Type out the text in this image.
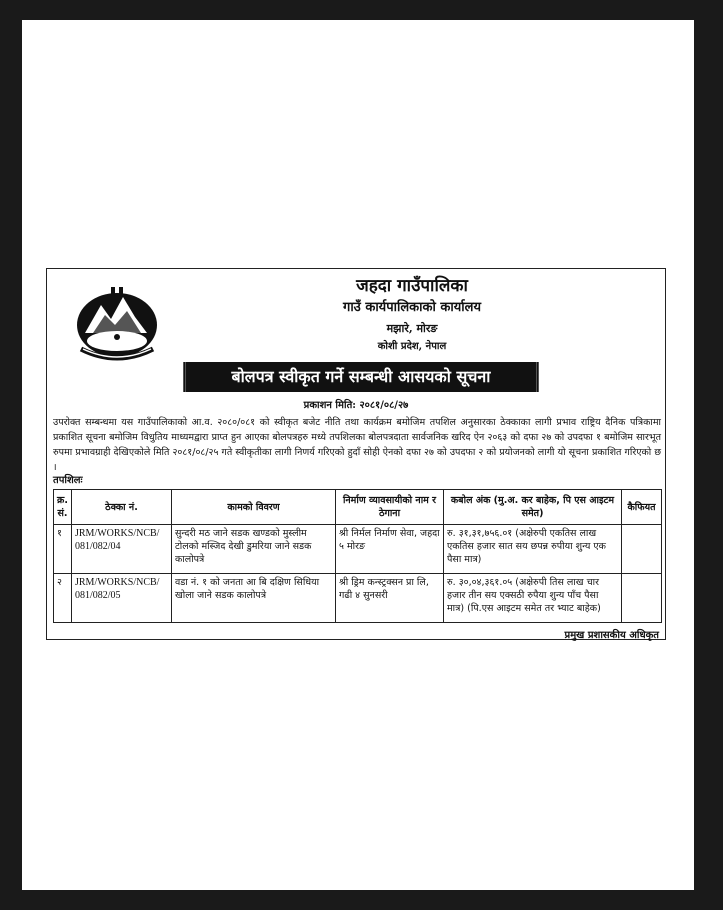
जहदा गाउँपालिका
गाउँ कार्यपालिकाको कार्यालय
मझारे, मोरङ
कोशी प्रदेश, नेपाल
बोलपत्र स्वीकृत गर्ने सम्बन्धी आसयको सूचना
प्रकाशन मिति: २०८१/०८/२७
उपरोक्त सम्बन्धमा यस गाउँपालिकाको आ.व. २०८०/०८१ को स्वीकृत बजेट नीति तथा कार्यक्रम बमोजिम तपशिल अनुसारका ठेक्काका लागी प्रभाव राष्ट्रिय दैनिक पत्रिकामा प्रकाशित सूचना बमोजिम विधुतिय माध्यमद्वारा प्राप्त हुन आएका बोलपत्रहरु मध्ये तपशिलका बोलपत्रदाता सार्वजनिक खरिद ऐन २०६३ को दफा २७ को उपदफा १ बमोजिम सारभूत रुपमा प्रभावग्राही देखिएकोले मिति २०८१/०८/२५ गते स्वीकृतीका लागी निणर्य गरिएको हुदाँ सोही ऐनको दफा २७ को उपदफा २ को प्रयोजनको लागी यो सूचना प्रकाशित गरिएको छ ।
तपशिलः
क्र. सं.	ठेक्का नं.	कामको विवरण	निर्माण व्यावसायीको नाम र ठेगाना	कबोल अंक (मु.अ. कर बाहेक, पि एस आइटम समेत)	कैफियत
१	JRM/WORKS/NCB/ 081/082/04	सुन्दरी मठ जाने सडक खण्डको मुस्लीम टोलको मस्जिद देखी डुमरिया जाने सडक कालोपत्रे	श्री निर्मल निर्माण सेवा, जहदा ५ मोरङ	रु. ३१,३१,७५६.०१ (अक्षेरुपी एकतिस लाख एकतिस हजार सात सय छपन्न रुपीया शुन्य एक पैसा मात्र)	
२	JRM/WORKS/NCB/ 081/082/05	वडा नं. १ को जनता आ बि दक्षिण सिधिया खोला जाने सडक कालोपत्रे	श्री ड्रिम कन्स्ट्रक्सन प्रा लि, गढी ४ सुनसरी	रु. ३०,०४,३६१.०५ (अक्षेरुपी तिस लाख चार हजार तीन सय एक्सठी रुपैया शुन्य पाँच पैसा मात्र) (पि.एस आइटम समेत तर भ्याट बाहेक)	
प्रमुख प्रशासकीय अधिकृत
